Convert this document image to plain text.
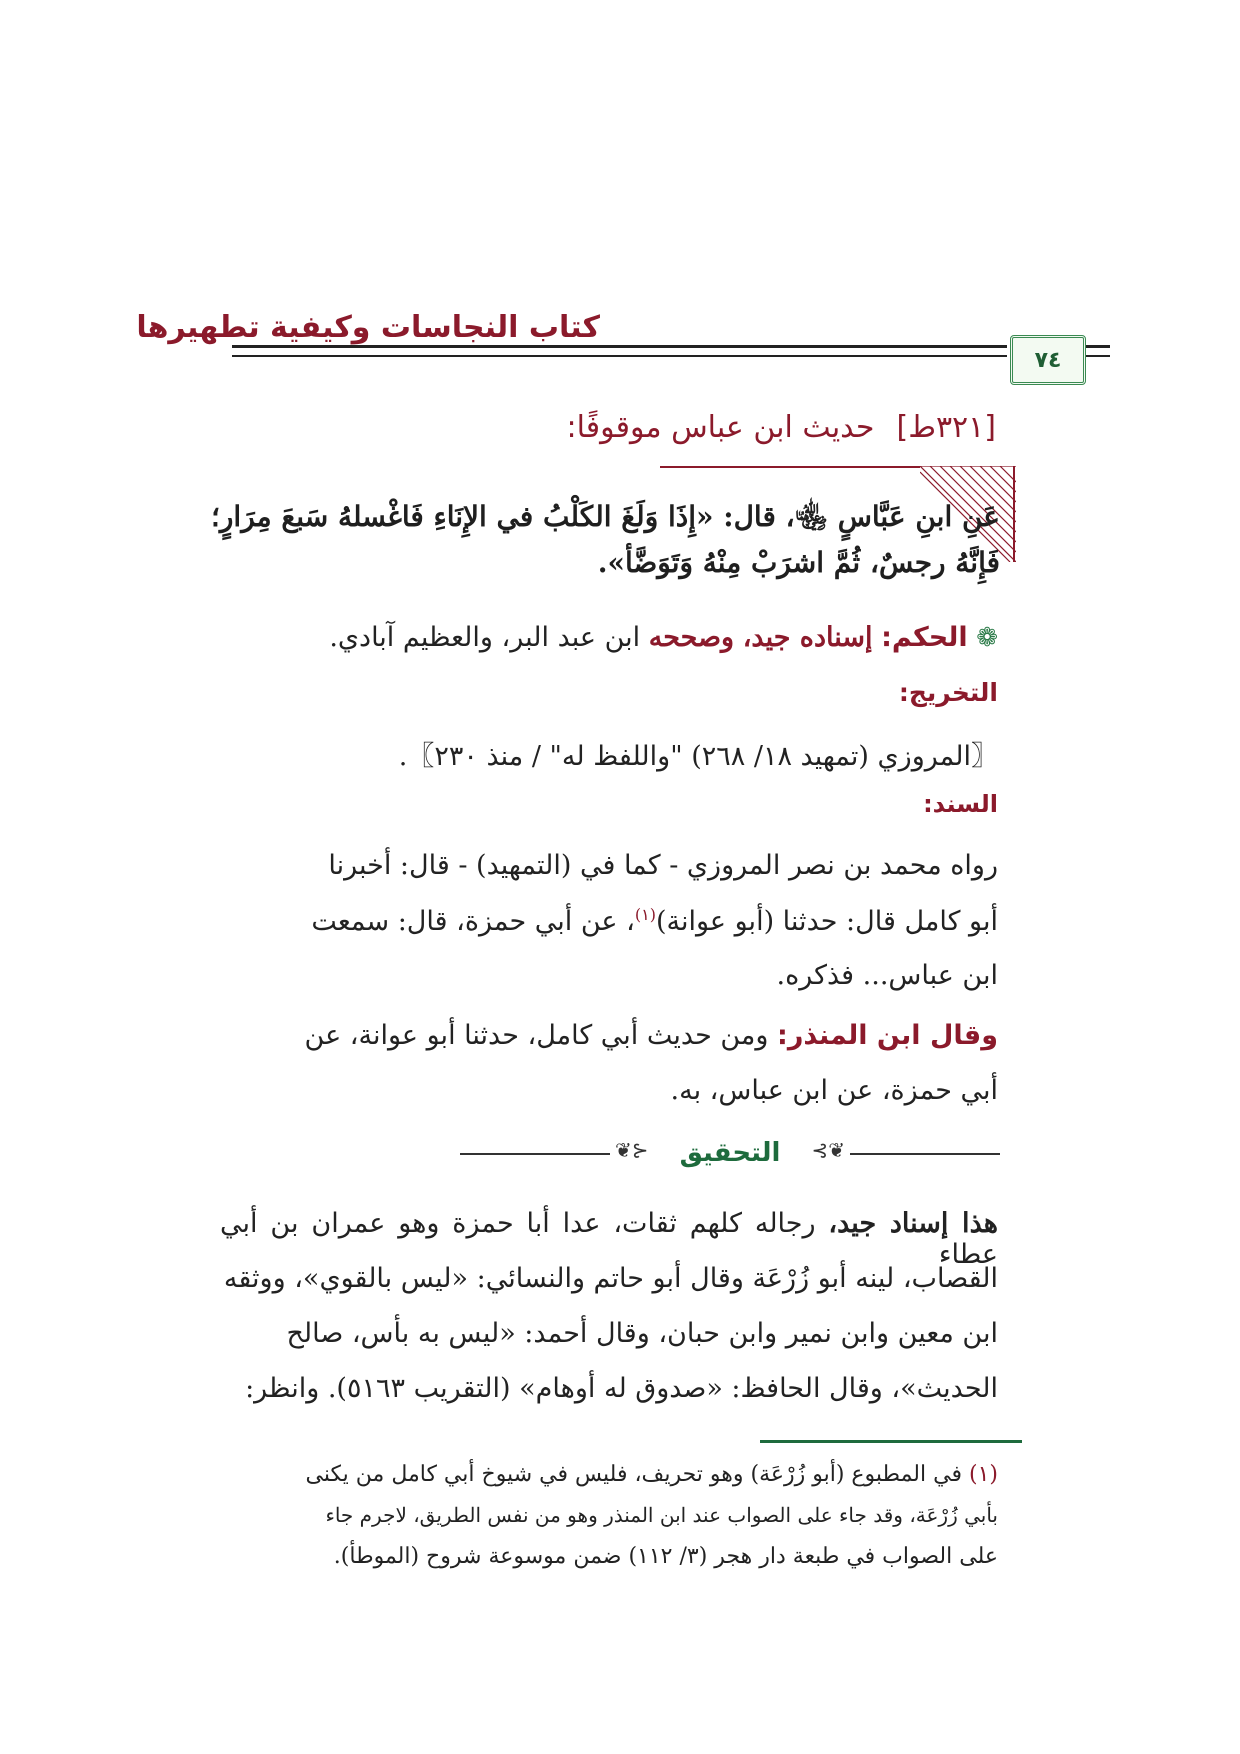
كتاب النجاسات وكيفية تطهيرها
٧٤
[٣٢١ط]حديث ابن عباس موقوفًا:
عَنِ ابنِ عَبَّاسٍ ﵄، قال: «إِذَا وَلَغَ الكَلْبُ في الإِنَاءِ فَاغْسلهُ سَبعَ مِرَارٍ؛
فَإِنَّهُ رجسٌ، ثُمَّ اشرَبْ مِنْهُ وَتَوَضَّأ».
❁ الحكم: إسناده جيد، وصححه ابن عبد البر، والعظيم آبادي.
التخريج:
〖المروزي (تمهيد ١٨/ ٢٦٨) "واللفظ له" / منذ ٢٣٠〗.
السند:
رواه محمد بن نصر المروزي - كما في (التمهيد) - قال: أخبرنا
أبو كامل قال: حدثنا (أبو عوانة)$^{(١)}$، عن أبي حمزة، قال: سمعت
ابن عباس... فذكره.
وقال ابن المنذر: ومن حديث أبي كامل، حدثنا أبو عوانة، عن
أبي حمزة، عن ابن عباس، به.
⊰❦	❦⊱
التحقيق
هذا إسناد جيد، رجاله كلهم ثقات، عدا أبا حمزة وهو عمران بن أبي عطاء
القصاب، لينه أبو زُرْعَة وقال أبو حاتم والنسائي: «ليس بالقوي»، ووثقه
ابن معين وابن نمير وابن حبان، وقال أحمد: «ليس به بأس، صالح
الحديث»، وقال الحافظ: «صدوق له أوهام» (التقريب ٥١٦٣). وانظر:
(١) في المطبوع (أبو زُرْعَة) وهو تحريف، فليس في شيوخ أبي كامل من يكنى
بأبي زُرْعَة، وقد جاء على الصواب عند ابن المنذر وهو من نفس الطريق، لاجرم جاء
على الصواب في طبعة دار هجر (٣/ ١١٢) ضمن موسوعة شروح (الموطأ).
